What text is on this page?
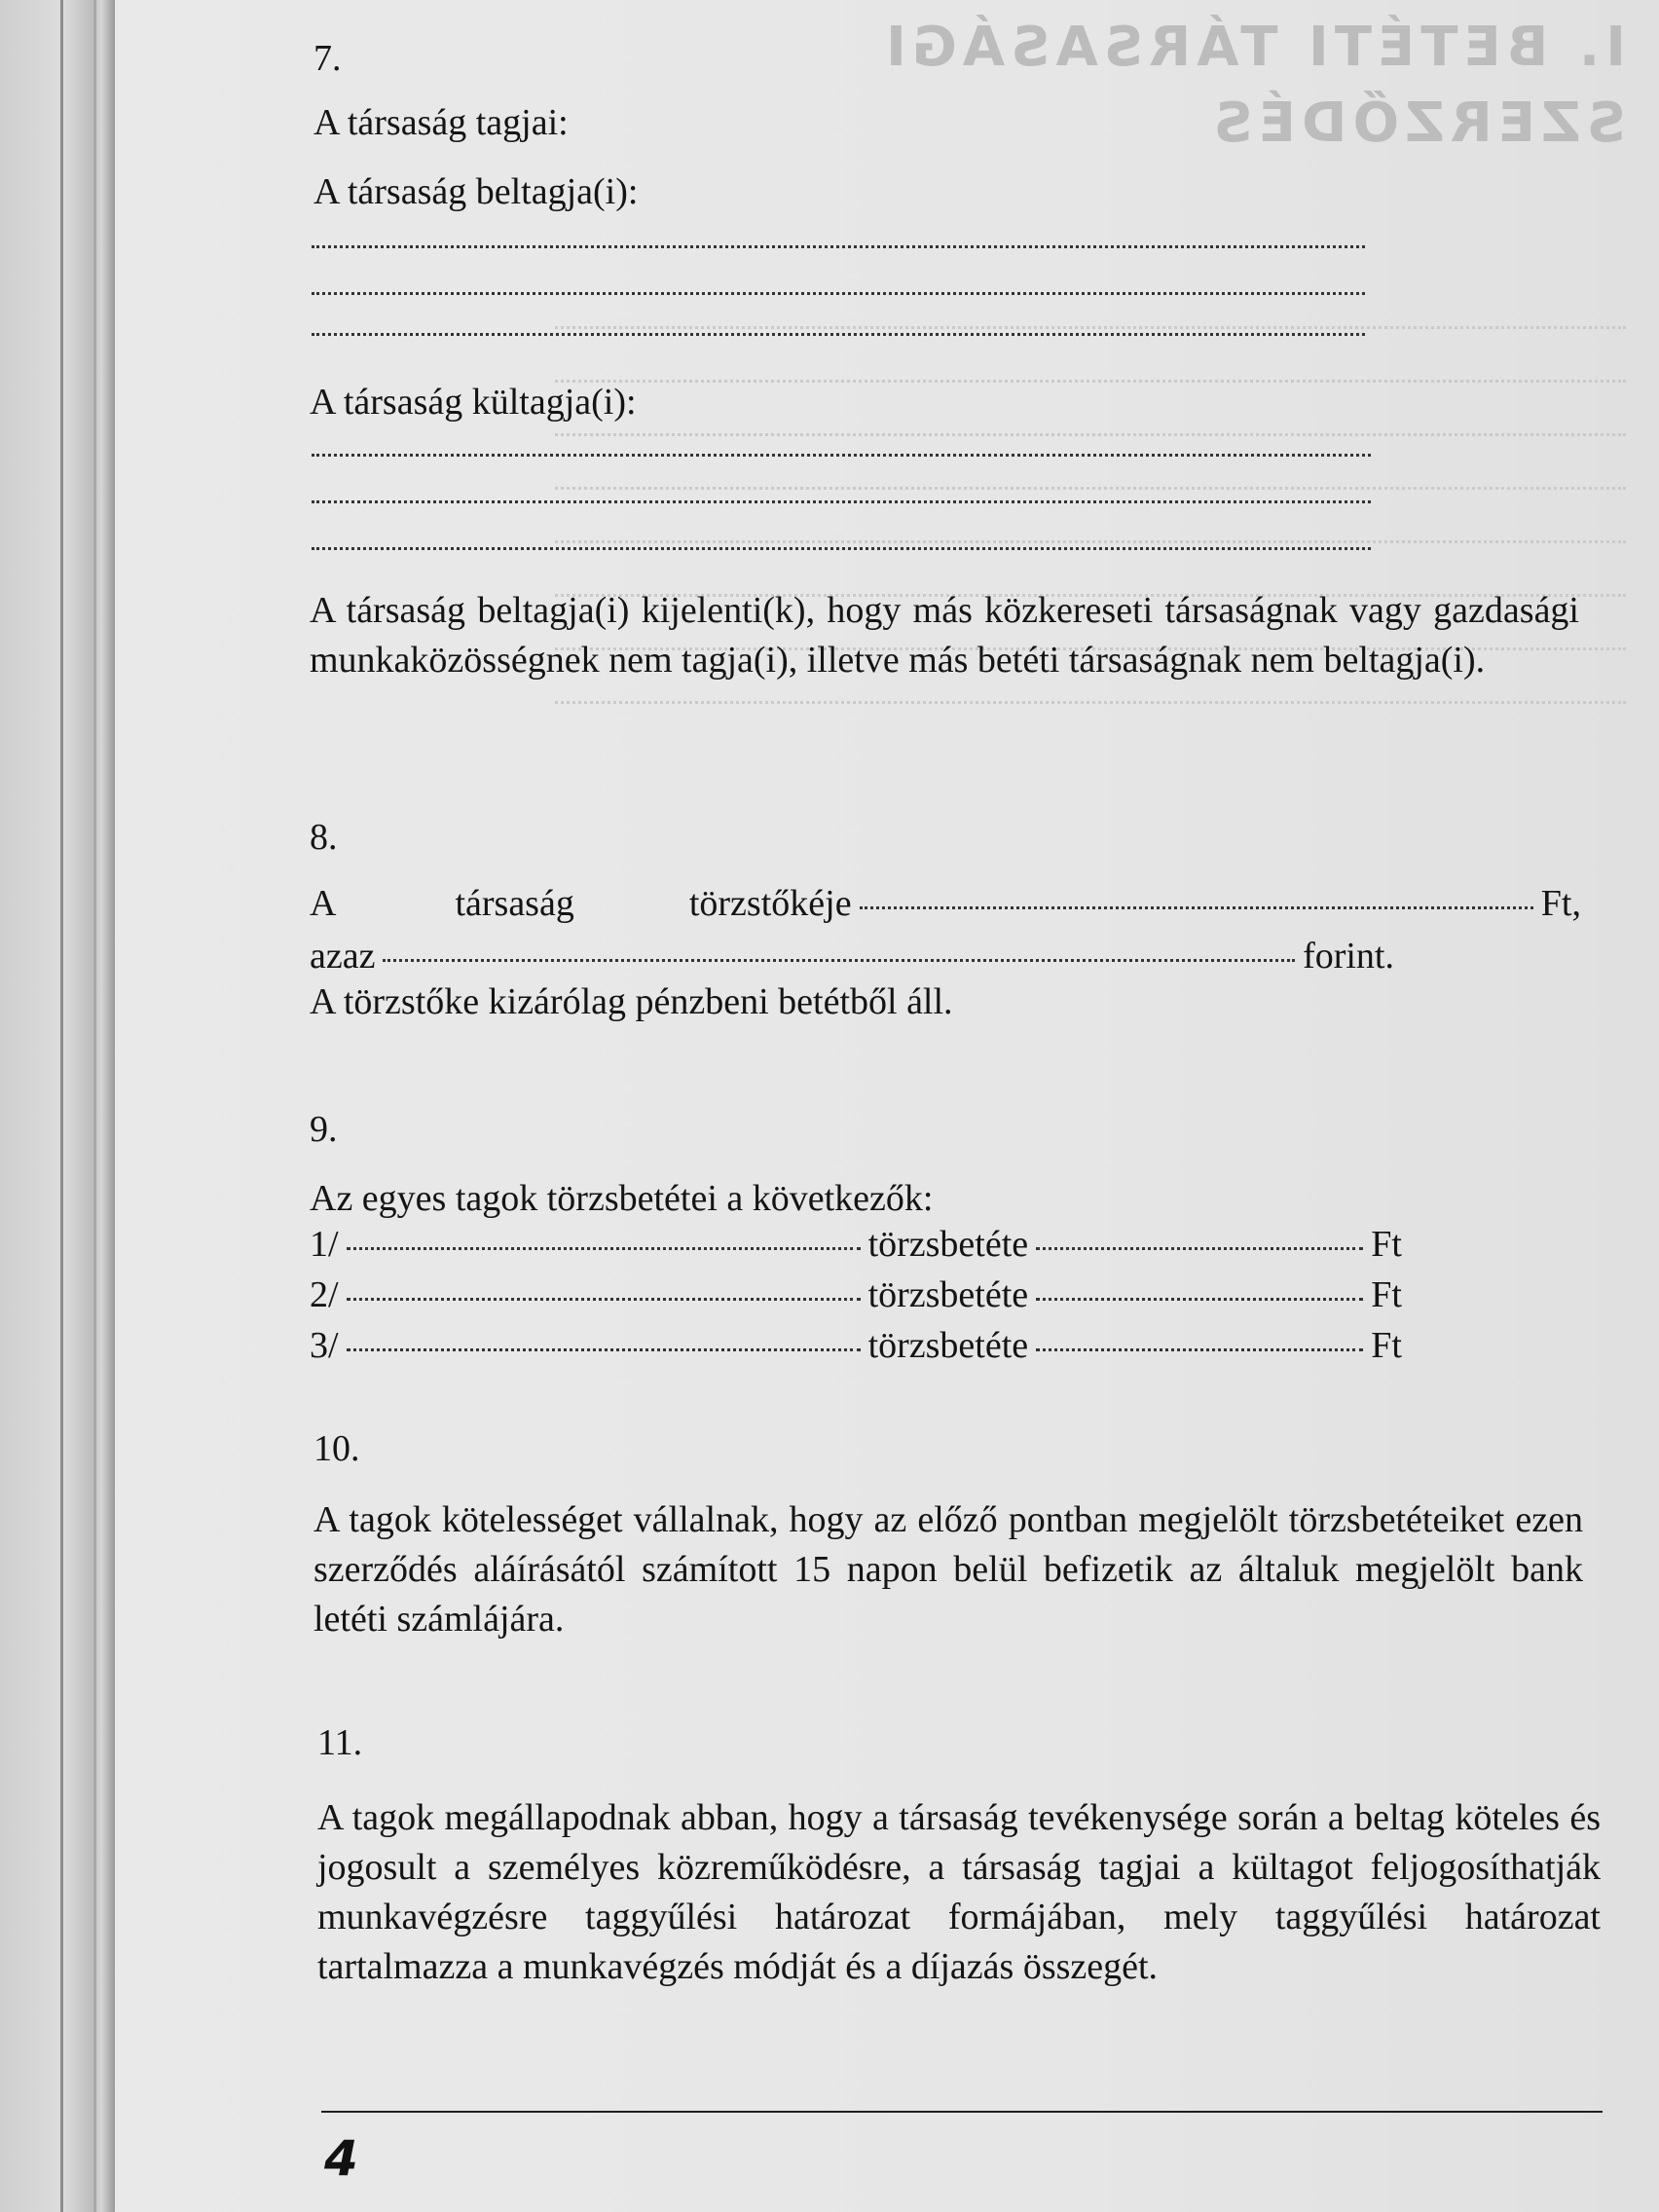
I. BETÉTI TÁRSASÁGI SZERZŐDÉS
7.
A társaság tagjai:
A társaság beltagja(i):
A társaság kültagja(i):
A társaság beltagja(i) kijelenti(k), hogy más közkereseti társaságnak vagy gazdasági munkaközösségnek nem tagja(i), illetve más betéti társaságnak nem beltagja(i).
8.
A	társaság	törzstőkéje	Ft,
azaz	forint.
A törzstőke kizárólag pénzbeni betétből áll.
9.
Az egyes tagok törzsbetétei a következők:
1/	törzsbetéte	Ft
2/	törzsbetéte	Ft
3/	törzsbetéte	Ft
10.
A tagok kötelességet vállalnak, hogy az előző pontban megjelölt törzsbetéteiket ezen szerződés aláírásától számított 15 napon belül befizetik az általuk megjelölt bank letéti számlájára.
11.
A tagok megállapodnak abban, hogy a társaság tevékenysége során a beltag köteles és jogosult a személyes közreműködésre, a társaság tagjai a kültagot feljogosíthatják munkavégzésre taggyűlési határozat formájában, mely taggyűlési határozat tartalmazza a munkavégzés módját és a díjazás összegét.
4
